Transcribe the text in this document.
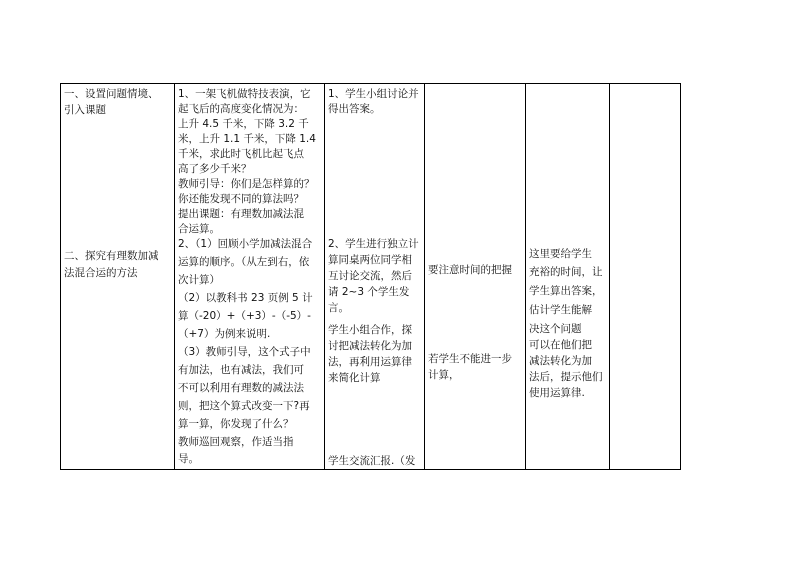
一、设置问题情境、
引入课题
二、探究有理数加减
法混合运的方法

1、一架飞机做特技表演，它
起飞后的高度变化情况为：
上升 4.5 千米，下降 3.2 千
米，上升 1.1 千米，下降 1.4
千米，求此时飞机比起飞点
高了多少千米？
教师引导：你们是怎样算的？
你还能发现不同的算法吗？
提出课题：有理数加减法混
合运算。
2、（1）回顾小学加减法混合
运算的顺序。（从左到右，依
次计算）
（2）以教科书 23 页例 5 计
算（-20）+（+3）-（-5）-
（+7）为例来说明.
（3）教师引导，这个式子中
有加法，也有减法，我们可
不可以利用有理数的减法法
则，把这个算式改变一下?再
算一算，你发现了什么？
教师巡回观察，作适当指
导。

1、学生小组讨论并
得出答案。
2、学生进行独立计
算同桌两位同学相
互讨论交流，然后
请 2~3 个学生发
言。
学生小组合作，探
讨把减法转化为加
法，再利用运算律
来简化计算
学生交流汇报.（发

要注意时间的把握
若学生不能进一步
计算，

这里要给学生
充裕的时间，让
学生算出答案，
估计学生能解
决这个问题
可以在他们把
减法转化为加
法后，提示他们
使用运算律.
